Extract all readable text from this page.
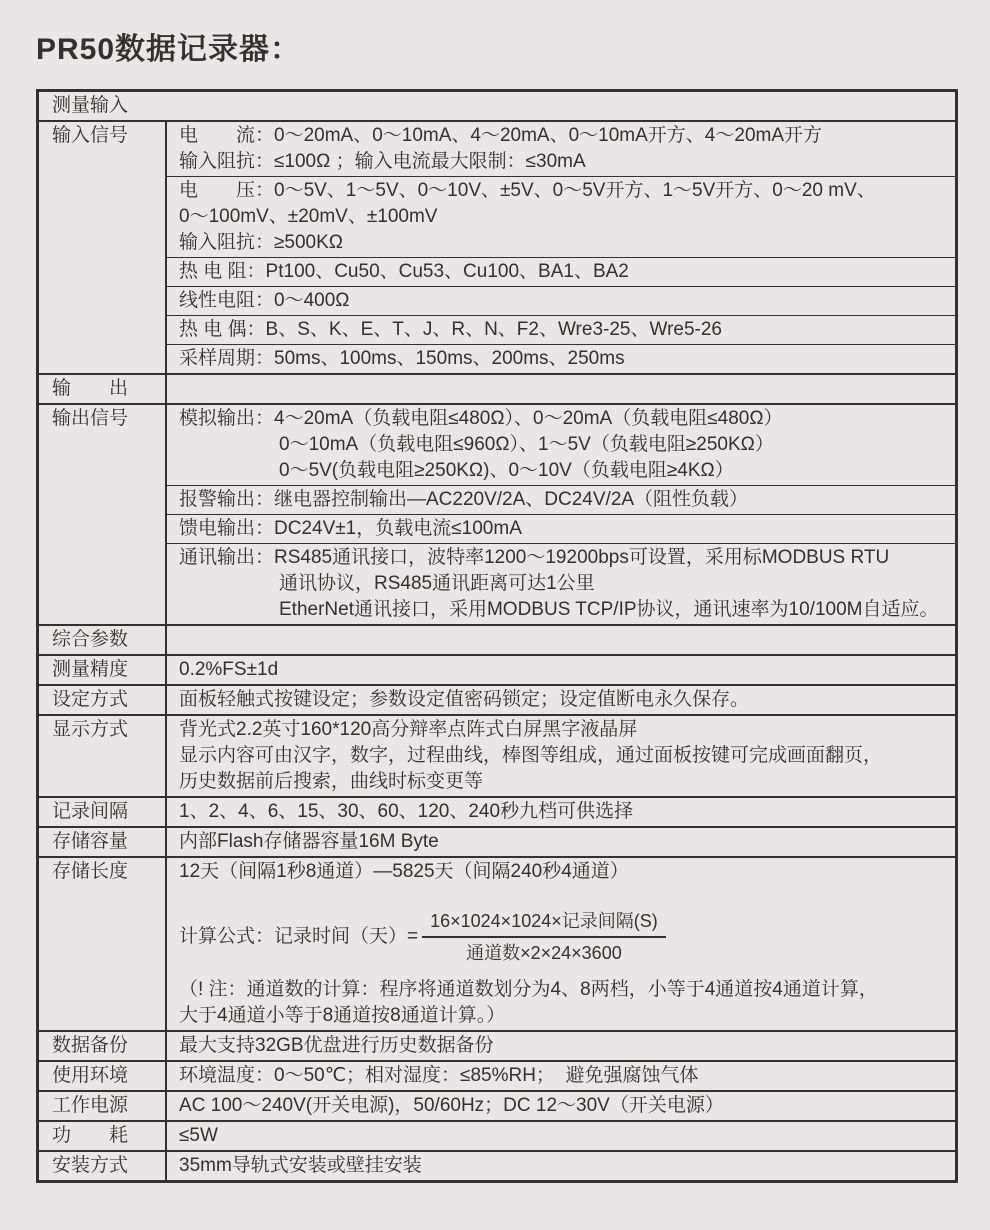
PR50数据记录器：
测量输入
输入信号	电　　流：0～20mA、0～10mA、4～20mA、0～10mA开方、4～20mA开方
输入阻抗：≤100Ω ；输入电流最大限制：≤30mA
电　　压：0～5V、1～5V、0～10V、±5V、0～5V开方、1～5V开方、0～20 mV、
0～100mV、±20mV、±100mV
输入阻抗：≥500KΩ
热 电 阻：Pt100、Cu50、Cu53、Cu100、BA1、BA2
线性电阻：0～400Ω
热 电 偶：B、S、K、E、T、J、R、N、F2、Wre3-25、Wre5-26
采样周期：50ms、100ms、150ms、200ms、250ms
输　　出
输出信号	模拟输出：4～20mA（负载电阻≤480Ω）、0～20mA（负载电阻≤480Ω）
0～10mA（负载电阻≤960Ω）、1～5V（负载电阻≥250KΩ）
0～5V(负载电阻≥250KΩ)、0～10V（负载电阻≥4KΩ）
报警输出：继电器控制输出—AC220V/2A、DC24V/2A（阻性负载）
馈电输出：DC24V±1，负载电流≤100mA
通讯输出：RS485通讯接口，波特率1200～19200bps可设置，采用标MODBUS RTU
通讯协议，RS485通讯距离可达1公里
EtherNet通讯接口，采用MODBUS TCP/IP协议，通讯速率为10/100M自适应。
综合参数
测量精度	0.2%FS±1d
设定方式	面板轻触式按键设定；参数设定值密码锁定；设定值断电永久保存。
显示方式	背光式2.2英寸160*120高分辩率点阵式白屏黑字液晶屏
显示内容可由汉字，数字，过程曲线，棒图等组成，通过面板按键可完成画面翻页，
历史数据前后搜索，曲线时标变更等
记录间隔	1、2、4、6、15、30、60、120、240秒九档可供选择
存储容量	内部Flash存储器容量16M Byte
存储长度	12天（间隔1秒8通道）—5825天（间隔240秒4通道）
计算公式：记录时间（天）= $\frac{\text{16×1024×1024×记录间隔(S)}}{\text{通道数×2×24×3600}}$
（! 注：通道数的计算：程序将通道数划分为4、8两档，小等于4通道按4通道计算，
大于4通道小等于8通道按8通道计算。）
数据备份	最大支持32GB优盘进行历史数据备份
使用环境	环境温度：0～50℃；相对湿度：≤85%RH；  避免强腐蚀气体
工作电源	AC 100～240V(开关电源)，50/60Hz；DC 12～30V（开关电源）
功　　耗	≤5W
安装方式	35mm导轨式安装或壁挂安装
